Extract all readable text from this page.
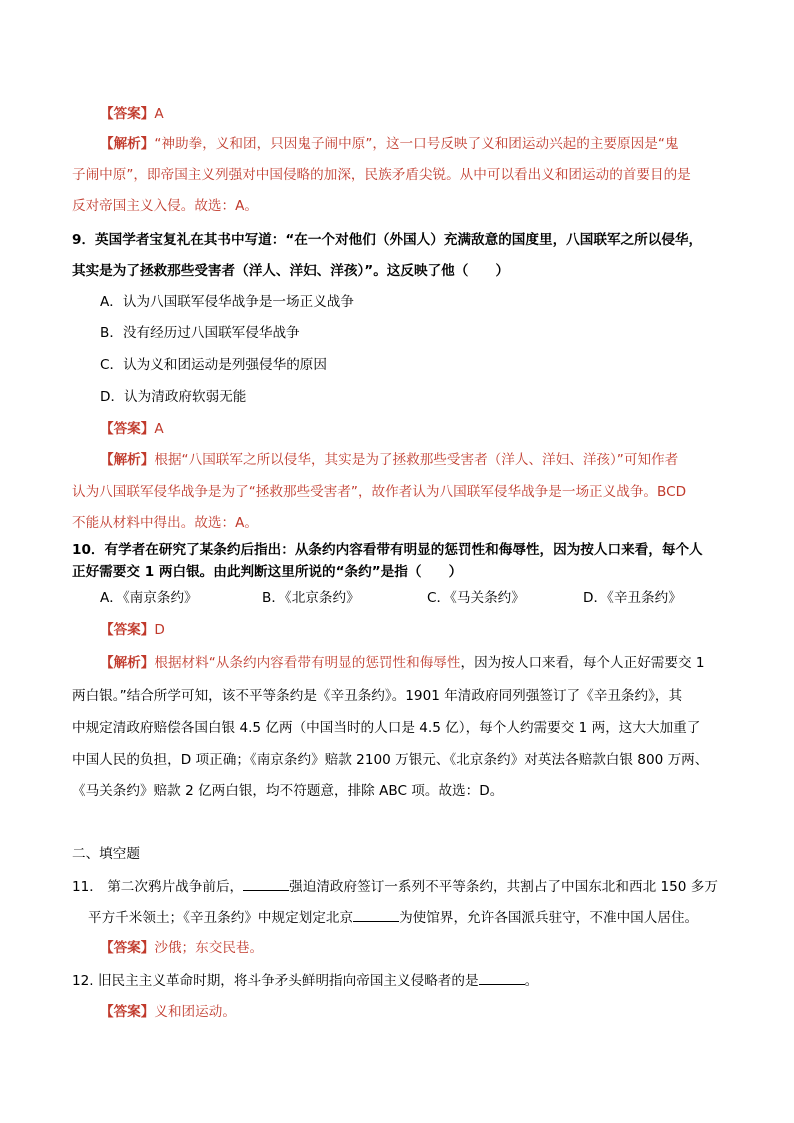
【答案】A
【解析】“神助拳，义和团，只因鬼子闹中原”，这一口号反映了义和团运动兴起的主要原因是“鬼
子闹中原”，即帝国主义列强对中国侵略的加深，民族矛盾尖锐。从中可以看出义和团运动的首要目的是
反对帝国主义入侵。故选：A。
9．英国学者宝复礼在其书中写道：“在一个对他们（外国人）充满敌意的国度里，八国联军之所以侵华，
其实是为了拯救那些受害者（洋人、洋妇、洋孩）”。这反映了他（　　）
A．认为八国联军侵华战争是一场正义战争
B．没有经历过八国联军侵华战争
C．认为义和团运动是列强侵华的原因
D．认为清政府软弱无能
【答案】A
【解析】根据“八国联军之所以侵华，其实是为了拯救那些受害者（洋人、洋妇、洋孩）”可知作者
认为八国联军侵华战争是为了“拯救那些受害者”，故作者认为八国联军侵华战争是一场正义战争。BCD
不能从材料中得出。故选：A。
10．有学者在研究了某条约后指出：从条约内容看带有明显的惩罚性和侮辱性，因为按人口来看，每个人
正好需要交 1 两白银。由此判断这里所说的“条约”是指（　　）
A．《南京条约》	B．《北京条约》	C．《马关条约》	D．《辛丑条约》
【答案】D
【解析】根据材料“从条约内容看带有明显的惩罚性和侮辱性，因为按人口来看，每个人正好需要交 1
两白银。”结合所学可知，该不平等条约是《辛丑条约》。1901 年清政府同列强签订了《辛丑条约》，其
中规定清政府赔偿各国白银 4.5 亿两（中国当时的人口是 4.5 亿），每个人约需要交 1 两，这大大加重了
中国人民的负担，D 项正确；《南京条约》赔款 2100 万银元、《北京条约》对英法各赔款白银 800 万两、
《马关条约》赔款 2 亿两白银，均不符题意，排除 ABC 项。故选：D。
二、填空题
11． 第二次鸦片战争前后，	强迫清政府签订一系列不平等条约，共割占了中国东北和西北 150 多万
平方千米领土；《辛丑条约》中规定划定北京	为使馆界，允许各国派兵驻守，不准中国人居住。
【答案】沙俄；东交民巷。
12. 旧民主主义革命时期，将斗争矛头鲜明指向帝国主义侵略者的是	。
【答案】义和团运动。
